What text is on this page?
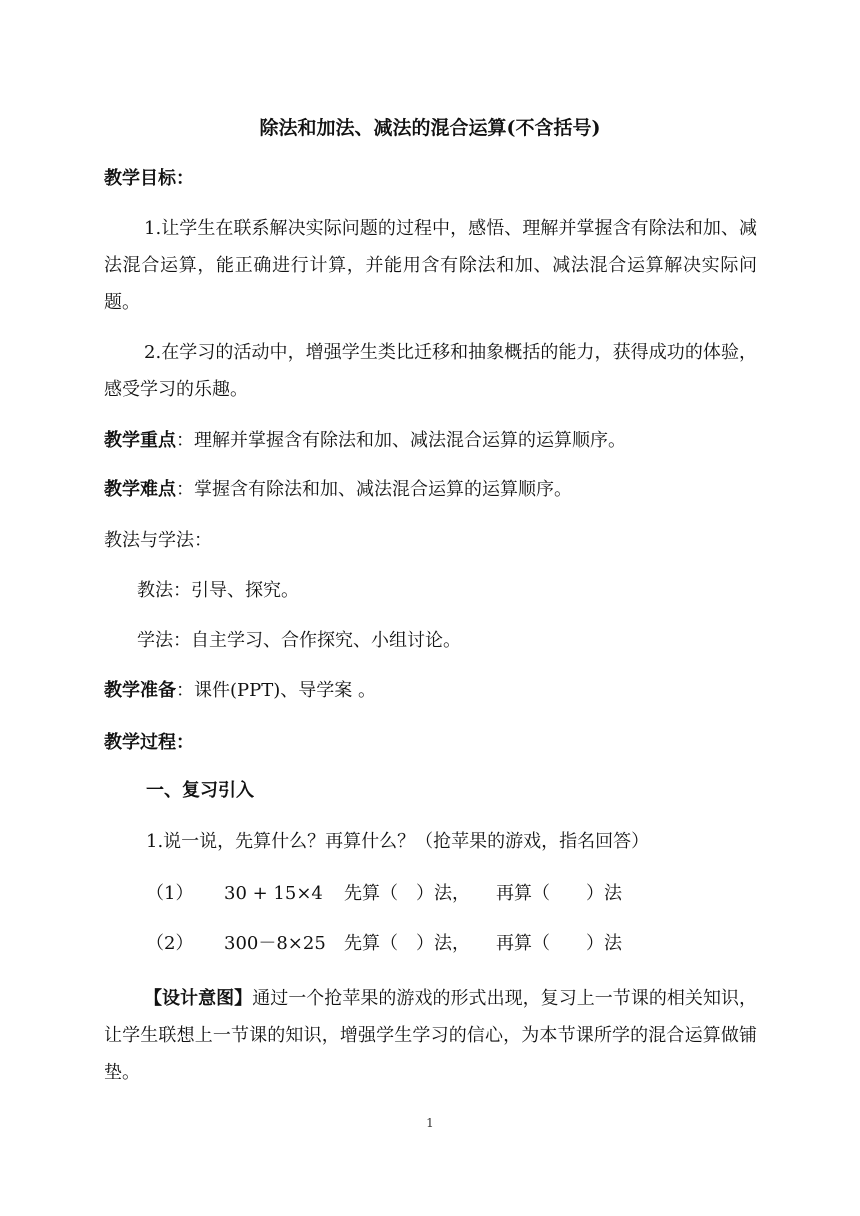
除法和加法、减法的混合运算(不含括号)
教学目标：
1.让学生在联系解决实际问题的过程中，感悟、理解并掌握含有除法和加、减法混合运算，能正确进行计算，并能用含有除法和加、减法混合运算解决实际问题。
2.在学习的活动中，增强学生类比迁移和抽象概括的能力，获得成功的体验，感受学习的乐趣。
教学重点：理解并掌握含有除法和加、减法混合运算的运算顺序。
教学难点：掌握含有除法和加、减法混合运算的运算顺序。
教法与学法：
教法：引导、探究。
学法：自主学习、合作探究、小组讨论。
教学准备：课件(PPT)、导学案 。
教学过程：
一、复习引入
1.说一说，先算什么？再算什么？（抢苹果的游戏，指名回答）
（1） 30 + 15×4 先算（　）法， 再算（　　）法
（2） 300－8×25 先算（　）法， 再算（　　）法
【设计意图】通过一个抢苹果的游戏的形式出现，复习上一节课的相关知识，让学生联想上一节课的知识，增强学生学习的信心，为本节课所学的混合运算做铺垫。
1
